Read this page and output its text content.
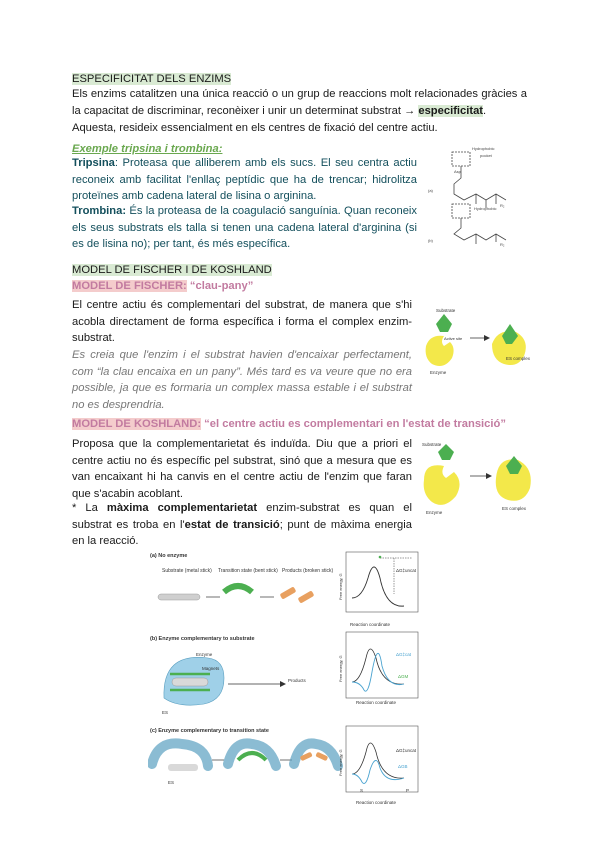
ESPECIFICITAT DELS ENZIMS
Els enzims catalitzen una única reacció o un grup de reaccions molt relacionades gràcies a la capacitat de discriminar, reconèixer i unir un determinat substrat → especificitat.
Aquesta, resideix essencialment en els centres de fixació del centre actiu.
Exemple tripsina i trombina:
Tripsina: Proteasa que alliberem amb els sucs. El seu centra actiu reconeix amb facilitat l'enllaç peptídic que ha de trencar; hidrolitza proteïnes amb cadena lateral de lisina o arginina.
Trombina: És la proteasa de la coagulació sanguínia. Quan reconeix els seus substrats els talla si tenen una cadena lateral d'arginina (si es de lisina no); per tant, és més específica.
Hydrophobic
pocket
Asp
(a)
Hydrophobic
(b)
R₂
R₂
MODEL DE FISCHER I DE KOSHLAND
MODEL DE FISCHER: “clau-pany”
El centre actiu és complementari del substrat, de manera que s'hi acobla directament de forma específica i forma el complex enzim-substrat.
Es creia que l'enzim i el substrat havien d'encaixar perfectament, com “la clau encaixa en un pany”. Més tard es va veure que no era possible, ja que es formaria un complex massa estable i el substrat no es desprendria.
Substrate
Active site
Enzyme
ES complex
MODEL DE KOSHLAND: “el centre actiu es complementari en l'estat de transició”
Proposa que la complementarietat és induïda. Diu que a priori el centre actiu no és específic pel substrat, sinó que a mesura que es van encaixant hi ha canvis en el centre actiu de l'enzim que faran que s'acabin acoblant.
* La màxima complementarietat enzim-substrat es quan el substrat es troba en l'estat de transició; punt de màxima energia en la reacció.
Substrate
Enzyme
ES complex
(a) No enzyme
Substrate (metal stick) Transition state (bent stick) Products (broken stick)	ΔG‡uncat
Reaction coordinate
Free energy, G
(b) Enzyme complementary to substrate
Enzyme
Magnets
ES
Products
ΔG‡cat
ΔGM
Reaction coordinate
Free energy, G
(c) Enzyme complementary to transition state
ES
ΔG‡uncat
ΔGB
Reaction coordinate
Free energy, G
S	P
